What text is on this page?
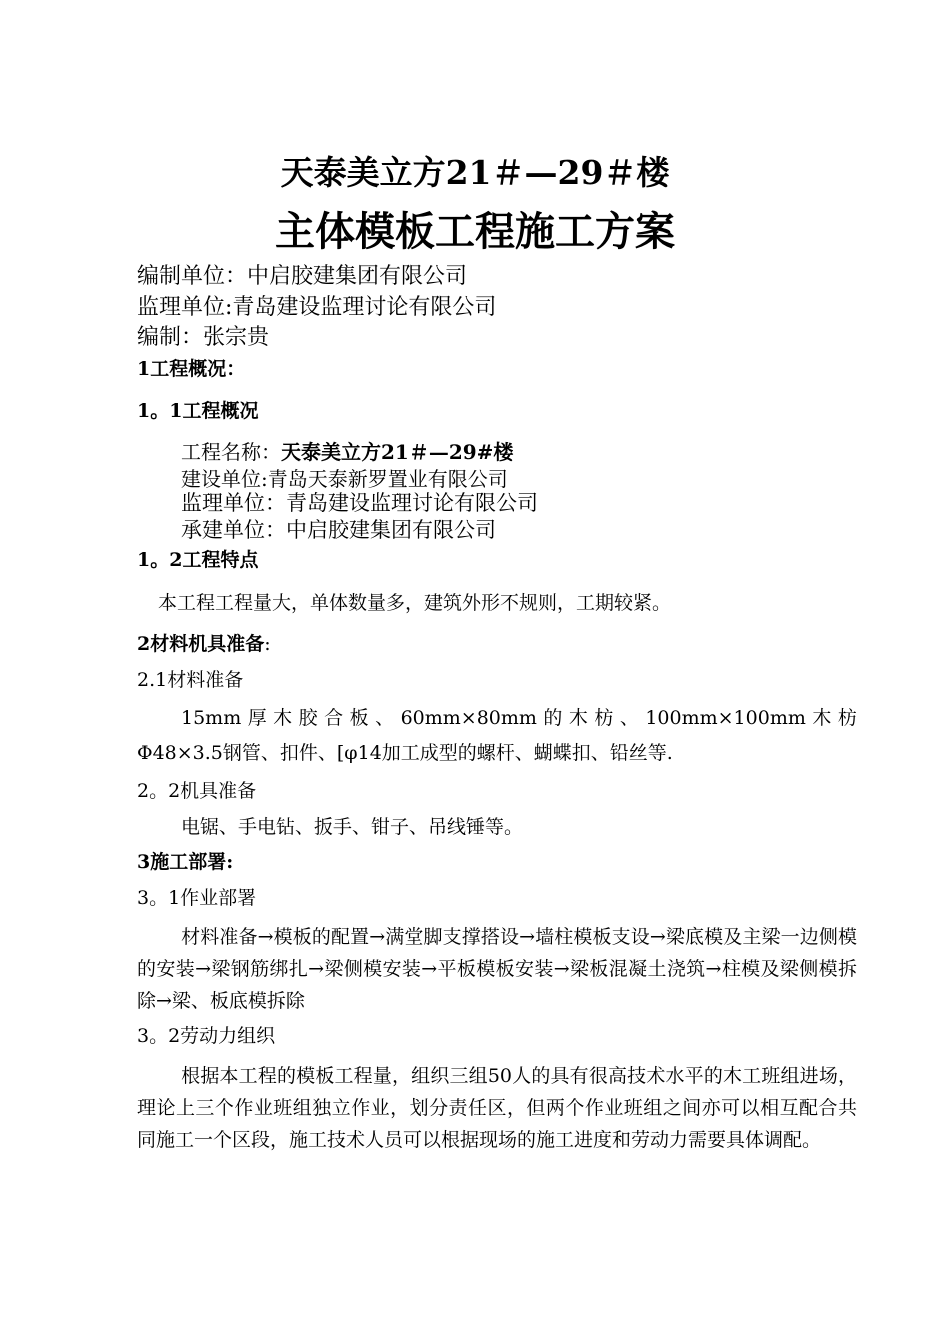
天泰美立方21＃—29＃楼
主体模板工程施工方案
编制单位：中启胶建集团有限公司
监理单位:青岛建设监理讨论有限公司
编制：张宗贵
1工程概况：
1。1工程概况
工程名称：天泰美立方21＃—29#楼
建设单位:青岛天泰新罗置业有限公司
监理单位：青岛建设监理讨论有限公司
承建单位：中启胶建集团有限公司
1。2工程特点
本工程工程量大，单体数量多，建筑外形不规则，工期较紧。
2材料机具准备:
2.1材料准备
15mm 厚 木 胶 合 板 、 60mm×80mm 的 木 枋 、 100mm×100mm 木 枋
Φ48×3.5钢管、扣件、[φ14加工成型的螺杆、蝴蝶扣、铅丝等.
2。2机具准备
电锯、手电钻、扳手、钳子、吊线锤等。
3施工部署:
3。1作业部署
材料准备→模板的配置→满堂脚支撑搭设→墙柱模板支设→梁底模及主梁一边侧模的安装→梁钢筋绑扎→梁侧模安装→平板模板安装→梁板混凝土浇筑→柱模及梁侧模拆除→梁、板底模拆除
3。2劳动力组织
根据本工程的模板工程量，组织三组50人的具有很高技术水平的木工班组进场，理论上三个作业班组独立作业，划分责任区，但两个作业班组之间亦可以相互配合共同施工一个区段，施工技术人员可以根据现场的施工进度和劳动力需要具体调配。
